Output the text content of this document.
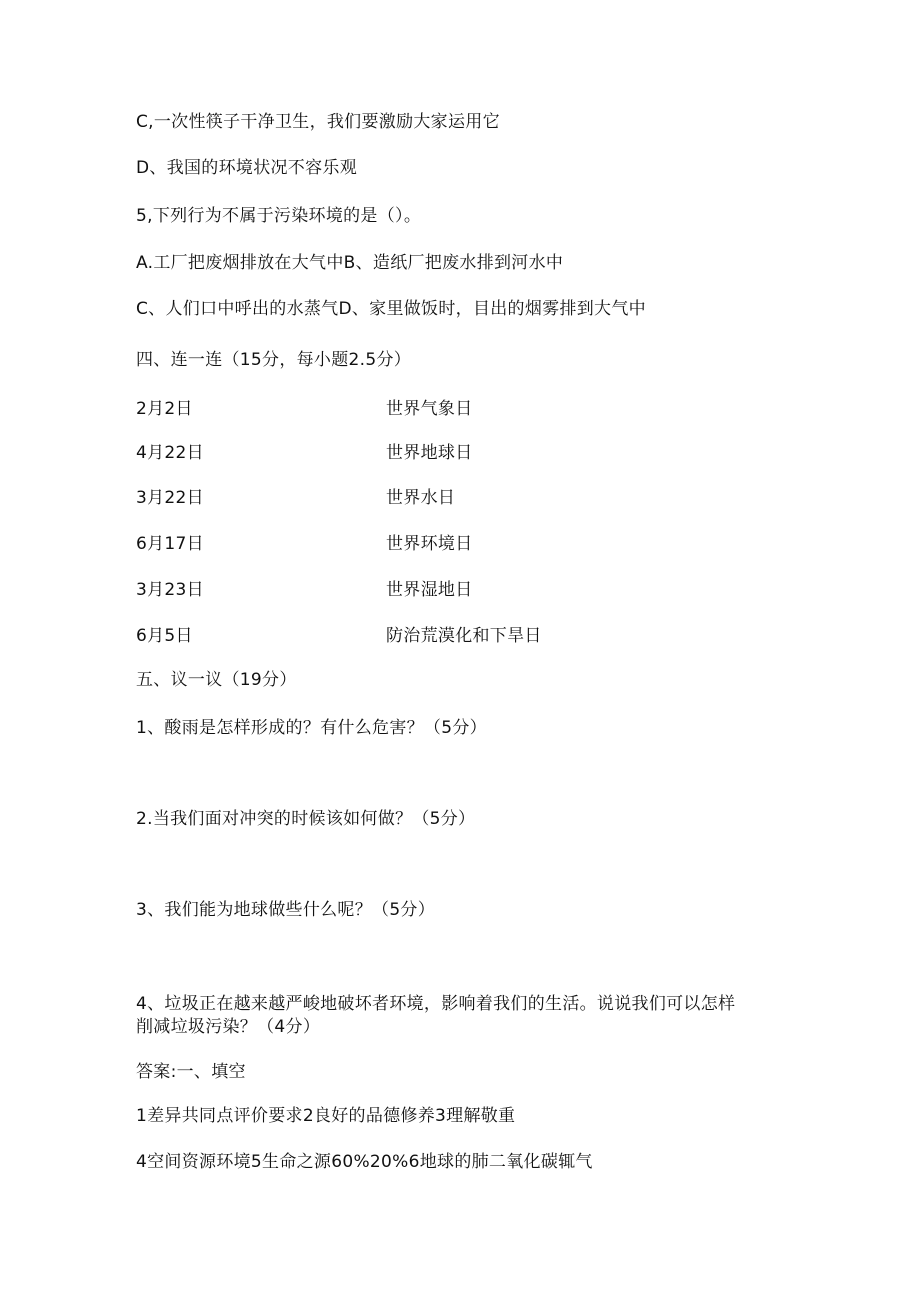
C,一次性筷子干净卫生，我们要激励大家运用它
D、我国的环境状况不容乐观
5,下列行为不属于污染环境的是（）。
A.工厂把废烟排放在大气中B、造纸厂把废水排到河水中
C、人们口中呼出的水蒸气D、家里做饭时，目出的烟雾排到大气中
四、连一连（15分，每小题2.5分）
2月2日	世界气象日
4月22日	世界地球日
3月22日	世界水日
6月17日	世界环境日
3月23日	世界湿地日
6月5日	防治荒漠化和下旱日
五、议一议（19分）
1、酸雨是怎样形成的？有什么危害？（5分）
2.当我们面对冲突的时候该如何做？（5分）
3、我们能为地球做些什么呢？（5分）
4、垃圾正在越来越严峻地破坏者环境，影响着我们的生活。说说我们可以怎样
削减垃圾污染？（4分）
答案:一、填空
1差异共同点评价要求2良好的品德修养3理解敬重
4空间资源环境5生命之源60%20%6地球的肺二氧化碳辄气
